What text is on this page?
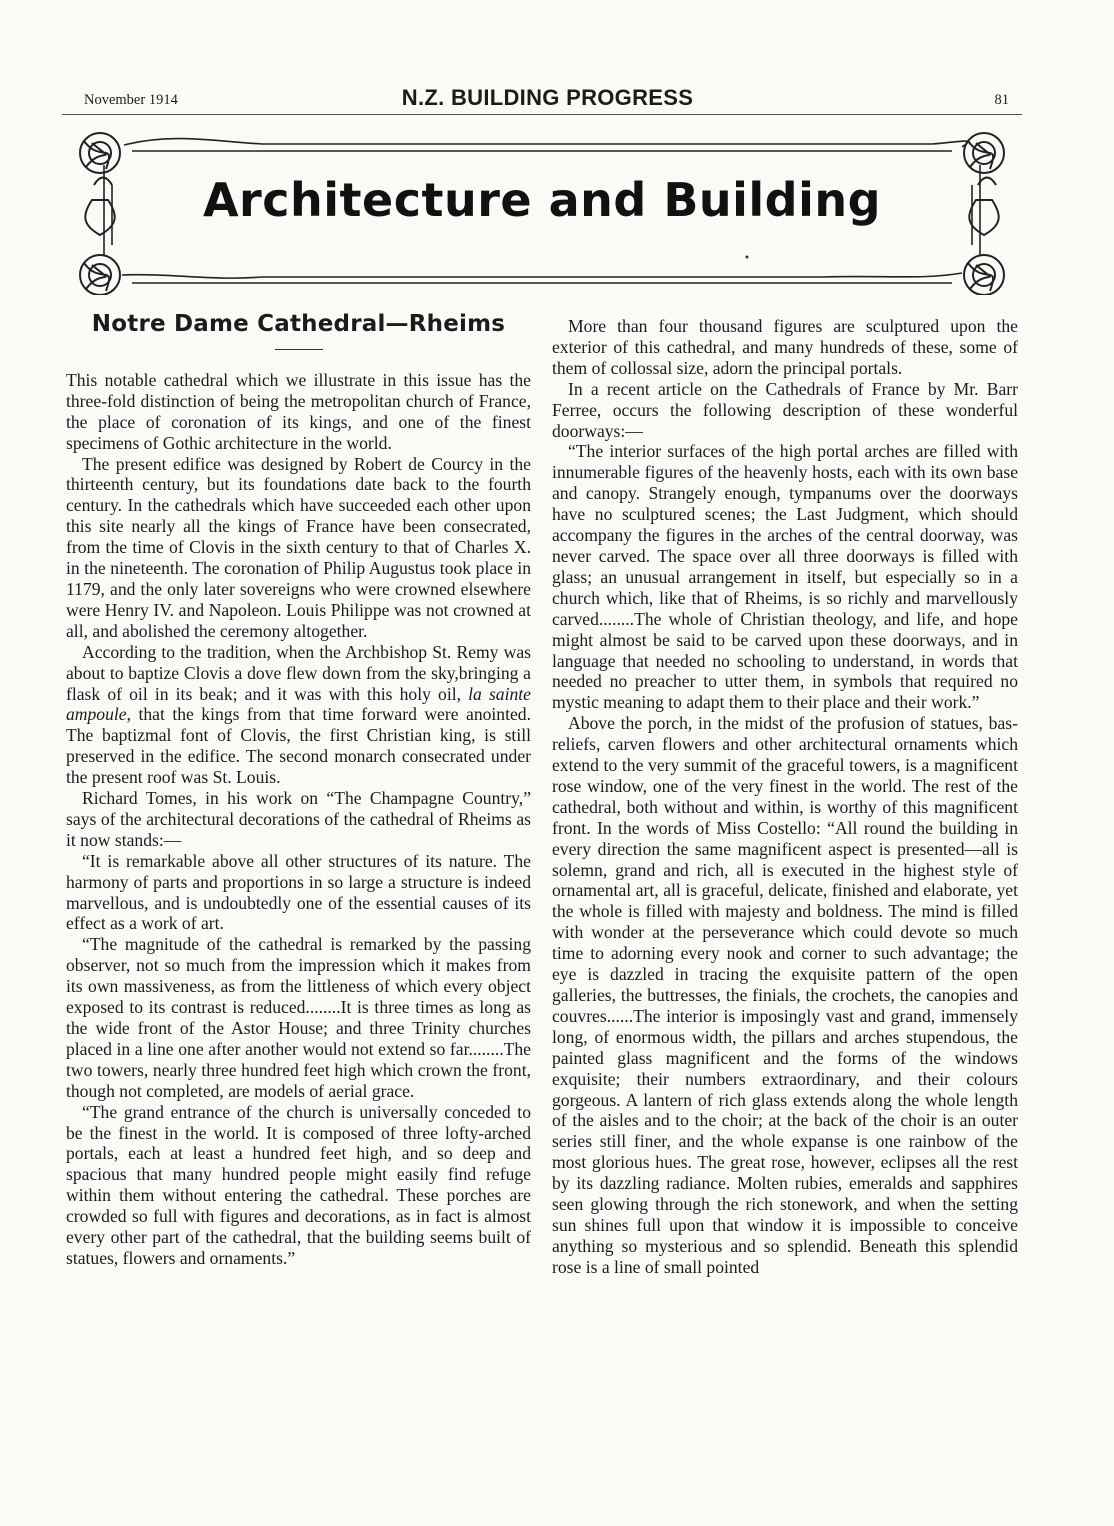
November 1914	N.Z. BUILDING PROGRESS	81
Architecture and Building
Notre Dame Cathedral—Rheims

This notable cathedral which we illustrate in this issue has the three-fold distinction of being the metropolitan church of France, the place of coronation of its kings, and one of the finest specimens of Gothic architecture in the world.

The present edifice was designed by Robert de Courcy in the thirteenth century, but its foundations date back to the fourth century. In the cathedrals which have succeeded each other upon this site nearly all the kings of France have been consecrated, from the time of Clovis in the sixth century to that of Charles X. in the nineteenth. The coronation of Philip Augustus took place in 1179, and the only later sovereigns who were crowned elsewhere were Henry IV. and Napoleon. Louis Philippe was not crowned at all, and abolished the ceremony altogether.

According to the tradition, when the Archbishop St. Remy was about to baptize Clovis a dove flew down from the sky,bringing a flask of oil in its beak; and it was with this holy oil, la sainte ampoule, that the kings from that time forward were anointed. The baptizmal font of Clovis, the first Christian king, is still preserved in the edifice. The second monarch consecrated under the present roof was St. Louis.

Richard Tomes, in his work on “The Champagne Country,” says of the architectural decorations of the cathedral of Rheims as it now stands:—

“It is remarkable above all other structures of its nature. The harmony of parts and proportions in so large a structure is indeed marvellous, and is undoubtedly one of the essential causes of its effect as a work of art.

“The magnitude of the cathedral is remarked by the passing observer, not so much from the impression which it makes from its own massiveness, as from the littleness of which every object exposed to its contrast is reduced........It is three times as long as the wide front of the Astor House; and three Trinity churches placed in a line one after another would not extend so far........The two towers, nearly three hundred feet high which crown the front, though not completed, are models of aerial grace.

“The grand entrance of the church is universally conceded to be the finest in the world. It is composed of three lofty-arched portals, each at least a hundred feet high, and so deep and spacious that many hundred people might easily find refuge within them without entering the cathedral. These porches are crowded so full with figures and decorations, as in fact is almost every other part of the cathedral, that the building seems built of statues, flowers and ornaments.”

More than four thousand figures are sculptured upon the exterior of this cathedral, and many hundreds of these, some of them of collossal size, adorn the principal portals.

In a recent article on the Cathedrals of France by Mr. Barr Ferree, occurs the following description of these wonderful doorways:—

“The interior surfaces of the high portal arches are filled with innumerable figures of the heavenly hosts, each with its own base and canopy. Strangely enough, tympanums over the doorways have no sculptured scenes; the Last Judgment, which should accompany the figures in the arches of the central doorway, was never carved. The space over all three doorways is filled with glass; an unusual arrangement in itself, but especially so in a church which, like that of Rheims, is so richly and marvellously carved........The whole of Christian theology, and life, and hope might almost be said to be carved upon these doorways, and in language that needed no schooling to understand, in words that needed no preacher to utter them, in symbols that required no mystic meaning to adapt them to their place and their work.”

Above the porch, in the midst of the profusion of statues, bas-reliefs, carven flowers and other architectural ornaments which extend to the very summit of the graceful towers, is a magnificent rose window, one of the very finest in the world. The rest of the cathedral, both without and within, is worthy of this magnificent front. In the words of Miss Costello: “All round the building in every direction the same magnificent aspect is presented—all is solemn, grand and rich, all is executed in the highest style of ornamental art, all is graceful, delicate, finished and elaborate, yet the whole is filled with majesty and boldness. The mind is filled with wonder at the perseverance which could devote so much time to adorning every nook and corner to such advantage; the eye is dazzled in tracing the exquisite pattern of the open galleries, the buttresses, the finials, the crochets, the canopies and couvres......The interior is imposingly vast and grand, immensely long, of enormous width, the pillars and arches stupendous, the painted glass magnificent and the forms of the windows exquisite; their numbers extraordinary, and their colours gorgeous. A lantern of rich glass extends along the whole length of the aisles and to the choir; at the back of the choir is an outer series still finer, and the whole expanse is one rainbow of the most glorious hues. The great rose, however, eclipses all the rest by its dazzling radiance. Molten rubies, emeralds and sapphires seen glowing through the rich stonework, and when the setting sun shines full upon that window it is impossible to conceive anything so mysterious and so splendid. Beneath this splendid rose is a line of small pointed
